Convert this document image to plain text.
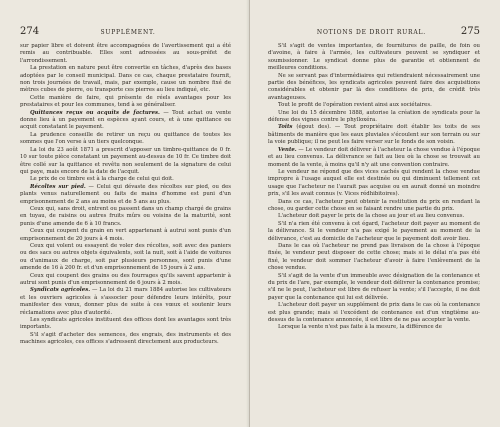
274	SUPPLÉMENT.

sur papier libre et doivent être accompagnées de l'avertissement qui a été remis au contribuable. Elles sont adressées au sous-préfet de l'arrondissement.

La prestation en nature peut être convertie en tâches, d'après des bases adoptées par le conseil municipal. Dans ce cas, chaque prestataire fournit, non trois journées de travail, mais, par exemple, cause un nombre fixé de mètres cubes de pierre, ou transporte ces pierres au lieu indiqué, etc.

Cette manière de faire, qui présente de réels avantages pour les prestataires et pour les communes, tend à se généraliser.

Quittances reçus ou acquits de factures. — Tout achat ou vente donne lieu à un payement en espèces ayant cours, et à une quittance ou acquit constatant le payement.

La prudence conseille de retirer un reçu ou quittance de toutes les sommes que l'on verse à un tiers quelconque.

La loi du 23 août 1871 a prescrit d'apposer un timbre-quittance de 0 fr. 10 sur toute pièce constatant un payement au-dessus de 10 fr. Ce timbre doit être collé sur la quittance et revêtu non seulement de la signature de celui qui paye, mais encore de la date de l'acquit.

Le prix de ce timbre est à la charge de celui qui doit.

Récoltes sur pied. — Celui qui dévaste des récoltes sur pied, ou des plants venus naturellement ou faits de mains d'homme est puni d'un emprisonnement de 2 ans au moins et de 5 ans au plus.

Ceux qui, sans droit, entrent ou passent dans un champ chargé de grains en tuyau, de raisins ou autres fruits mûrs ou voisins de la maturité, sont punis d'une amende de 6 à 10 francs.

Ceux qui coupent du grain en vert appartenant à autrui sont punis d'un emprisonnement de 20 jours à 4 mois.

Ceux qui volent ou essayent de voler des récoltes, soit avec des paniers ou des sacs ou autres objets équivalents, soit la nuit, soit à l'aide de voitures ou d'animaux de charge, soit par plusieurs personnes, sont punis d'une amende de 16 à 200 fr. et d'un emprisonnement de 15 jours à 2 ans.

Ceux qui coupent des grains ou des fourrages qu'ils savent appartenir à autrui sont punis d'un emprisonnement de 6 jours à 2 mois.

Syndicats agricoles. — La loi du 21 mars 1884 autorise les cultivateurs et les ouvriers agricoles à s'associer pour défendre leurs intérêts, pour manifester des vœux, donner plus de suite à ces vœux et soutenir leurs réclamations avec plus d'autorité.

Les syndicats agricoles instituent des offices dont les avantages sont très importants.

S'il s'agit d'acheter des semences, des engrais, des instruments et des machines agricoles, ces offices s'adressent directement aux producteurs.

NOTIONS DE DROIT RURAL.	275

S'il s'agit de ventes importantes, de fournitures de paille, de foin ou d'avoine, à faire à l'armée, les cultivateurs peuvent se syndiquer et soumissionner. Le syndicat donne plus de garantie et obtiennent de meilleures conditions.

Ne se servant pas d'intermédiaires qui retiendraient nécessairement une partie des bénéfices, les syndicats agricoles peuvent faire des acquisitions considérables et obtenir par là des conditions de prix, de crédit très avantageuses.

Tout le profit de l'opération revient ainsi aux sociétaires.

Une loi du 15 décembre 1888, autorise la création de syndicats pour la défense des vignes contre le phylloxéra.

Toits (égout des). — Tout propriétaire doit établir les toits de ses bâtiments de manière que les eaux pluviales s'écoulent sur son terrain ou sur la voie publique; il ne peut les faire verser sur le fonds de son voisin.

Vente. — Le vendeur doit délivrer à l'acheteur la chose vendue à l'époque et au lieu convenus. La délivrance se fait au lieu où la chose se trouvait au moment de la vente, à moins qu'il n'y ait une convention contraire.

Le vendeur ne répond que des vices cachés qui rendent la chose vendue impropre à l'usage auquel elle est destinée ou qui diminuent tellement cet usage que l'acheteur ne l'aurait pas acquise ou en aurait donné un moindre prix, s'il les avait connus (v. Vices rédhibitoires).

Dans ce cas, l'acheteur peut obtenir la restitution du prix en rendant la chose, ou garder cette chose en se faisant rendre une partie du prix.

L'acheteur doit payer le prix de la chose au jour et au lieu convenus.

S'il n'a rien été convenu à cet égard, l'acheteur doit payer au moment de la délivrance. Si le vendeur n'a pas exigé le payement au moment de la délivrance, c'est au domicile de l'acheteur que le payement doit avoir lieu.

Dans le cas où l'acheteur ne prend pas livraison de la chose à l'époque fixée, le vendeur peut disposer de cette chose; mais si le délai n'a pas été fixé, le vendeur doit sommer l'acheteur d'avoir à faire l'enlèvement de la chose vendue.

S'il s'agit de la vente d'un immeuble avec désignation de la contenance et du prix de l'are, par exemple, le vendeur doit délivrer la contenance promise; s'il ne le peut, l'acheteur est libre de refuser la vente; s'il l'accepte, il ne doit payer que la contenance qui lui est délivrée.

L'acheteur doit payer un supplément de prix dans le cas où la contenance est plus grande; mais si l'excédent de contenance est d'un vingtième au-dessus de la contenance annoncée, il est libre de ne pas accepter la vente.

Lorsque la vente n'est pas faite à la mesure, la différence de
